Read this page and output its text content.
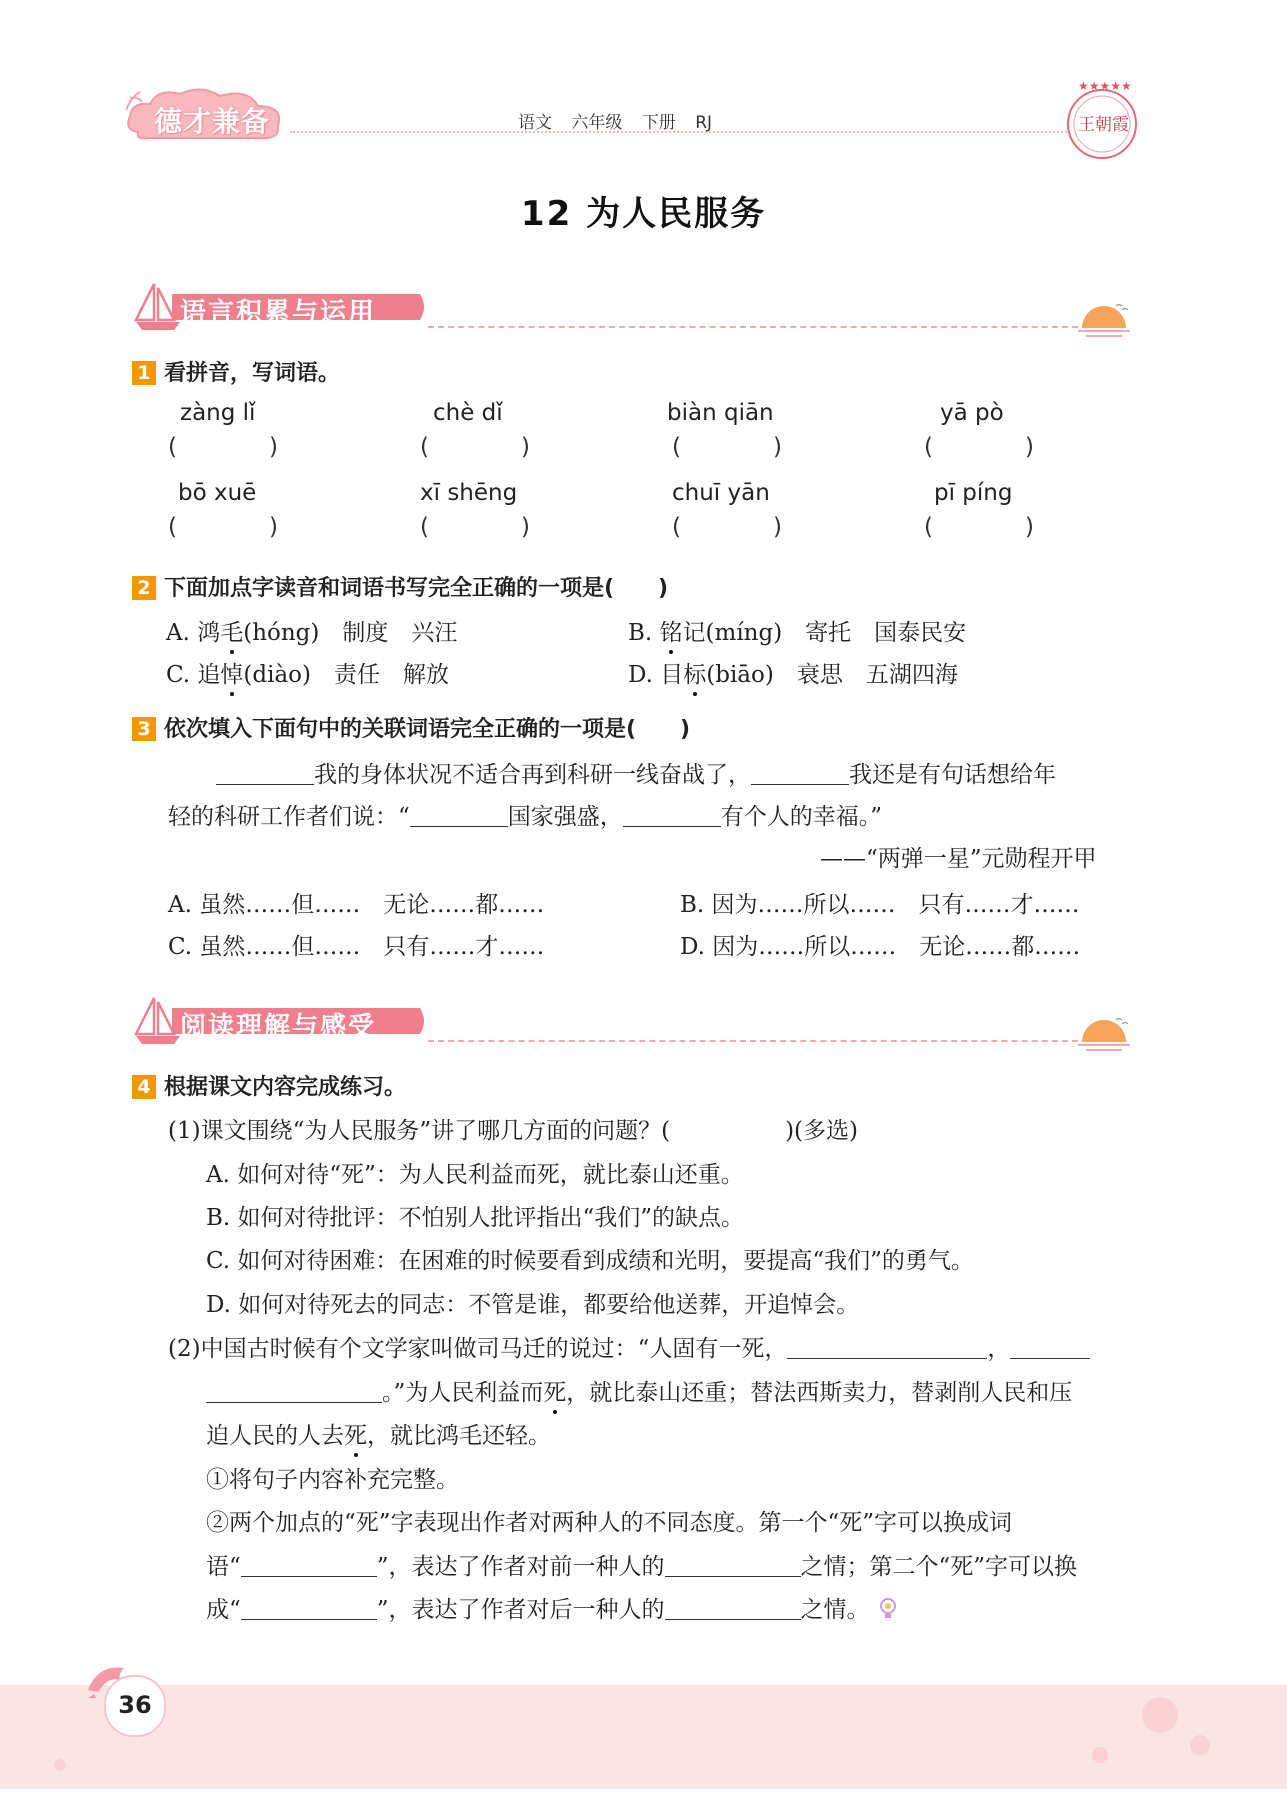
德才兼备	语文 六年级 下册 RJ
★★★★★
王朝霞
12 为人民服务
语言积累与运用
1 看拼音，写词语。
zàng lǐ	chè dǐ	biàn qiān	yā pò
(	)	(	)	(	)	(	)
bō xuē	xī shēng	chuī yān	pī píng
(	)	(	)	(	)	(	)
2 下面加点字读音和词语书写完全正确的一项是(　　)
A. 鸿毛(hóng)　制度　兴汪	B. 铭记(míng)　寄托　国泰民安
C. 追悼(diào)　责任　解放	D. 目标(biāo)　衰思　五湖四海
3 依次填入下面句中的关联词语完全正确的一项是(　　)
我的身体状况不适合再到科研一线奋战了，	我还是有句话想给年
轻的科研工作者们说：“	国家强盛，	有个人的幸福。”
——“两弹一星”元勋程开甲
A. 虽然……但……　无论……都……	B. 因为……所以……　只有……才……
C. 虽然……但……　只有……才……	D. 因为……所以……　无论……都……
阅读理解与感受
4 根据课文内容完成练习。
(1)课文围绕“为人民服务”讲了哪几方面的问题？(　　　　　)(多选)
A. 如何对待“死”：为人民利益而死，就比泰山还重。
B. 如何对待批评：不怕别人批评指出“我们”的缺点。
C. 如何对待困难：在困难的时候要看到成绩和光明，要提高“我们”的勇气。
D. 如何对待死去的同志：不管是谁，都要给他送葬，开追悼会。
(2)中国古时候有个文学家叫做司马迁的说过：“人固有一死，	，
。”为人民利益而死，就比泰山还重；替法西斯卖力，替剥削人民和压
迫人民的人去死，就比鸿毛还轻。
①将句子内容补充完整。
②两个加点的“死”字表现出作者对两种人的不同态度。第一个“死”字可以换成词
语“	”，表达了作者对前一种人的	之情；第二个“死”字可以换
成“	”，表达了作者对后一种人的	之情。
36
